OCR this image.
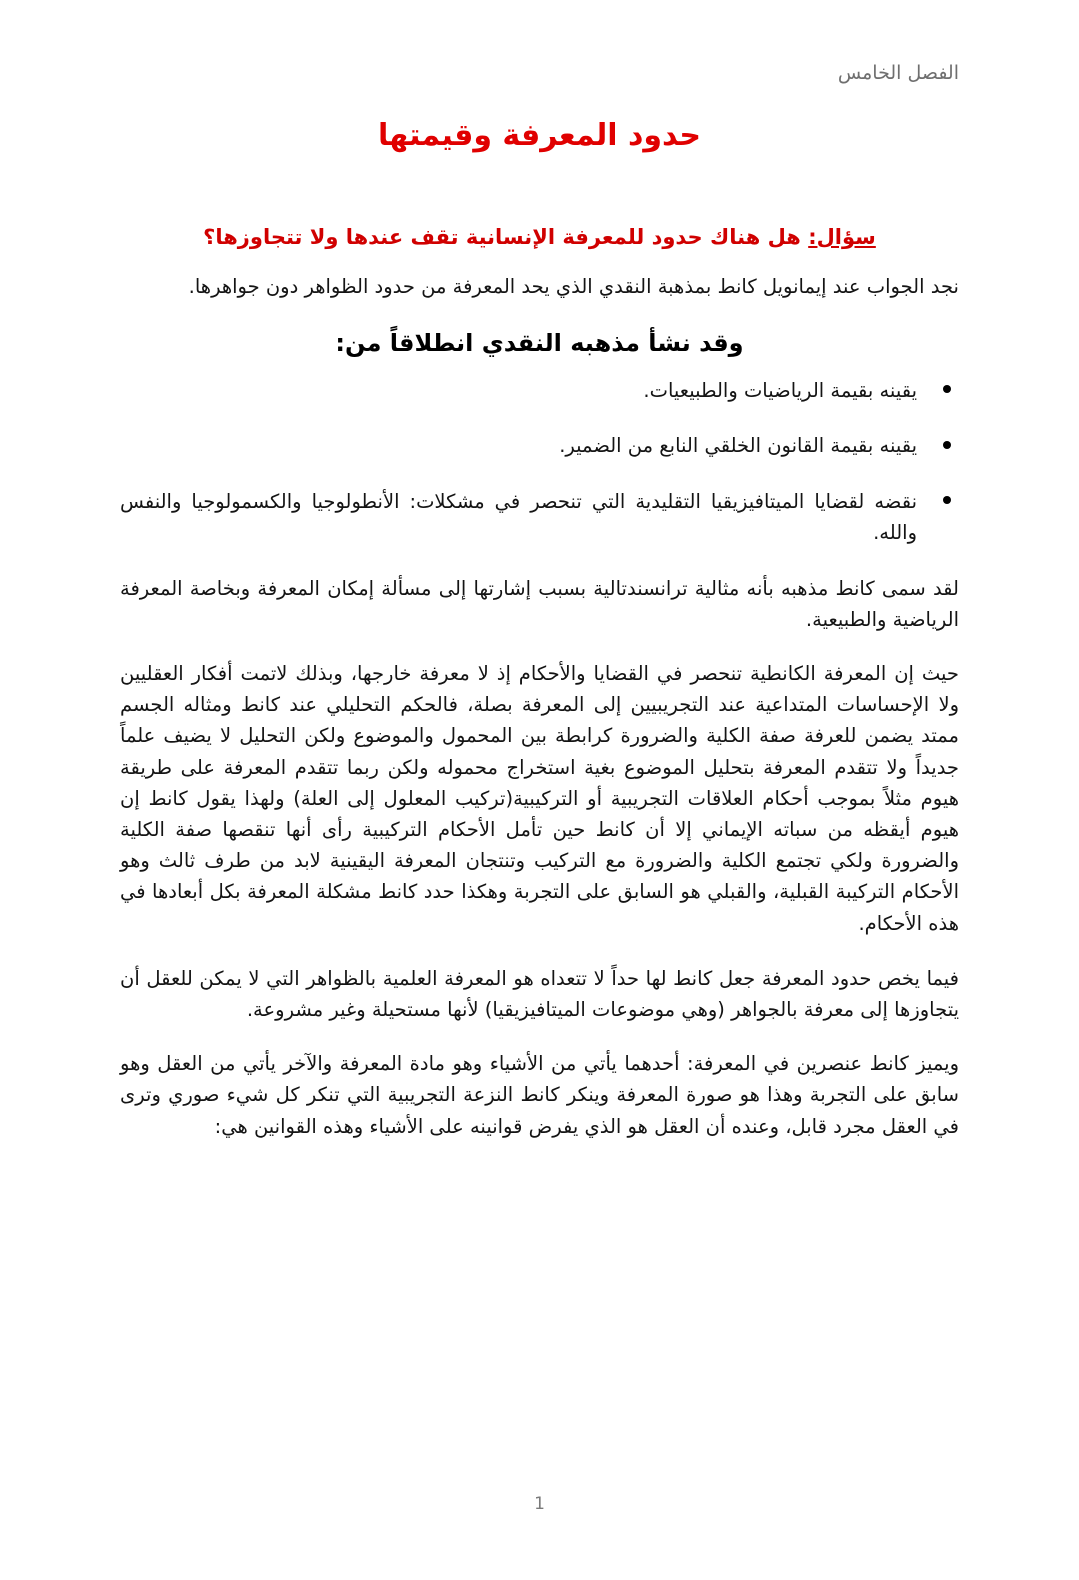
الفصل الخامس
حدود المعرفة وقيمتها

سؤال: هل هناك حدود للمعرفة الإنسانية تقف عندها ولا تتجاوزها؟

نجد الجواب عند إيمانويل كانط بمذهبة النقدي الذي يحد المعرفة من حدود الظواهر دون جواهرها.

وقد نشأ مذهبه النقدي انطلاقاً من:
يقينه بقيمة الرياضيات والطبيعيات.
يقينه بقيمة القانون الخلقي النابع من الضمير.
نقضه لقضايا الميتافيزيقيا التقليدية التي تنحصر في مشكلات: الأنطولوجيا والكسمولوجيا والنفس والله.

لقد سمى كانط مذهبه بأنه مثالية ترانسندتالية بسبب إشارتها إلى مسألة إمكان المعرفة وبخاصة المعرفة الرياضية والطبيعية.

حيث إن المعرفة الكانطية تنحصر في القضايا والأحكام إذ لا معرفة خارجها، وبذلك لاتمت أفكار العقليين ولا الإحساسات المتداعية عند التجريبيين إلى المعرفة بصلة، فالحكم التحليلي عند كانط ومثاله الجسم ممتد يضمن للعرفة صفة الكلية والضرورة كرابطة بين المحمول والموضوع ولكن التحليل لا يضيف علماً جديداً ولا تتقدم المعرفة بتحليل الموضوع بغية استخراج محموله ولكن ربما تتقدم المعرفة على طريقة هيوم مثلاً بموجب أحكام العلاقات التجريبية أو التركيبية(تركيب المعلول إلى العلة) ولهذا يقول كانط إن هيوم أيقظه من سباته الإيماني إلا أن كانط حين تأمل الأحكام التركيبية رأى أنها تنقصها صفة الكلية والضرورة ولكي تجتمع الكلية والضرورة مع التركيب وتنتجان المعرفة اليقينية لابد من طرف ثالث وهو الأحكام التركيبة القبلية، والقبلي هو السابق على التجربة وهكذا حدد كانط مشكلة المعرفة بكل أبعادها في هذه الأحكام.

فيما يخص حدود المعرفة جعل كانط لها حداً لا تتعداه هو المعرفة العلمية بالظواهر التي لا يمكن للعقل أن يتجاوزها إلى معرفة بالجواهر (وهي موضوعات الميتافيزيقيا) لأنها مستحيلة وغير مشروعة.

ويميز كانط عنصرين في المعرفة: أحدهما يأتي من الأشياء وهو مادة المعرفة والآخر يأتي من العقل وهو سابق على التجربة وهذا هو صورة المعرفة وينكر كانط النزعة التجريبية التي تنكر كل شيء صوري وترى في العقل مجرد قابل، وعنده أن العقل هو الذي يفرض قوانينه على الأشياء وهذه القوانين هي:

1
